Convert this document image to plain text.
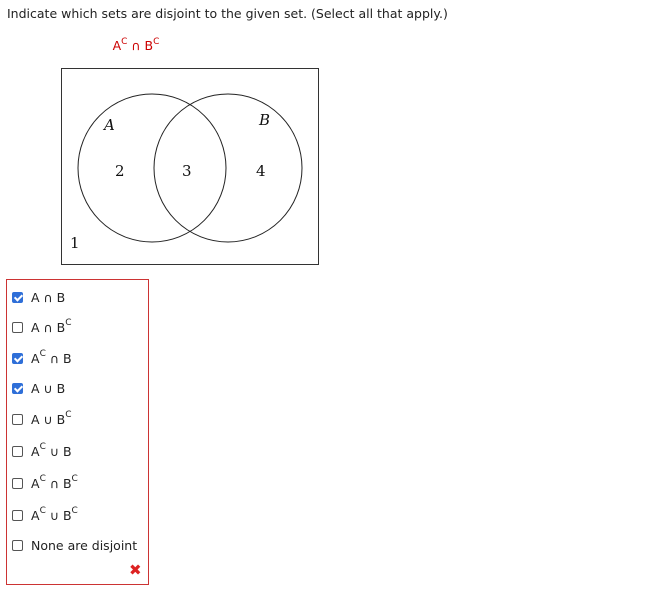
Indicate which sets are disjoint to the given set. (Select all that apply.)
$A^C$ ∩ $B^C$
A	B
2	3	4
1
A ∩ B
A ∩ $B^C$
$A^C$ ∩ B
A ∪ B
A ∪ $B^C$
$A^C$ ∪ B
$A^C$ ∩ $B^C$
$A^C$ ∪ $B^C$
None are disjoint
✖
